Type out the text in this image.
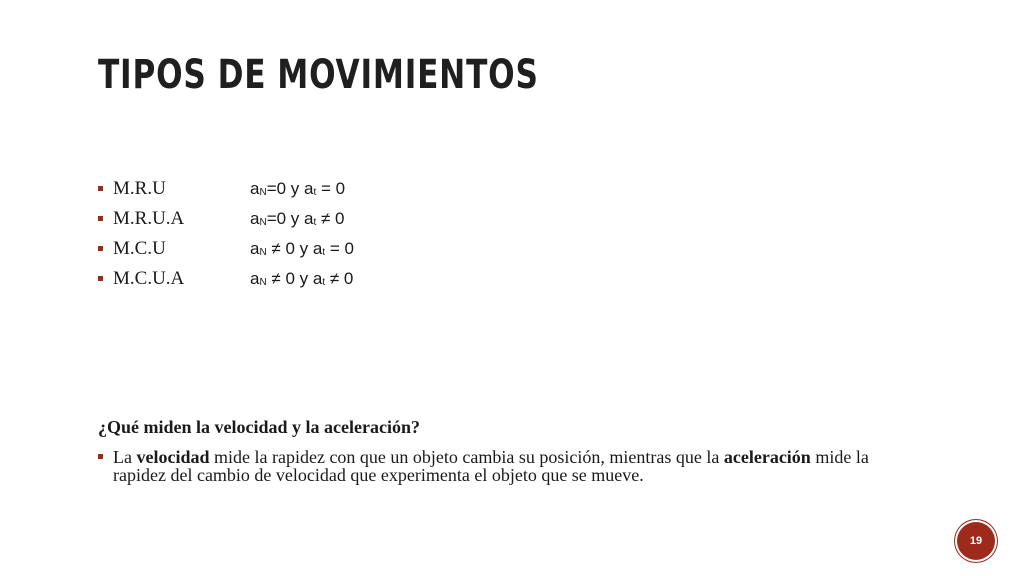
TIPOS DE MOVIMIENTOS
M.R.U	aN=0 y at = 0
M.R.U.A	aN=0 y at ≠ 0
M.C.U	aN ≠ 0 y at = 0
M.C.U.A	aN ≠ 0 y at ≠ 0
¿Qué miden la velocidad y la aceleración?
La velocidad mide la rapidez con que un objeto cambia su posición, mientras que la aceleración mide la rapidez del cambio de velocidad que experimenta el objeto que se mueve.
19
